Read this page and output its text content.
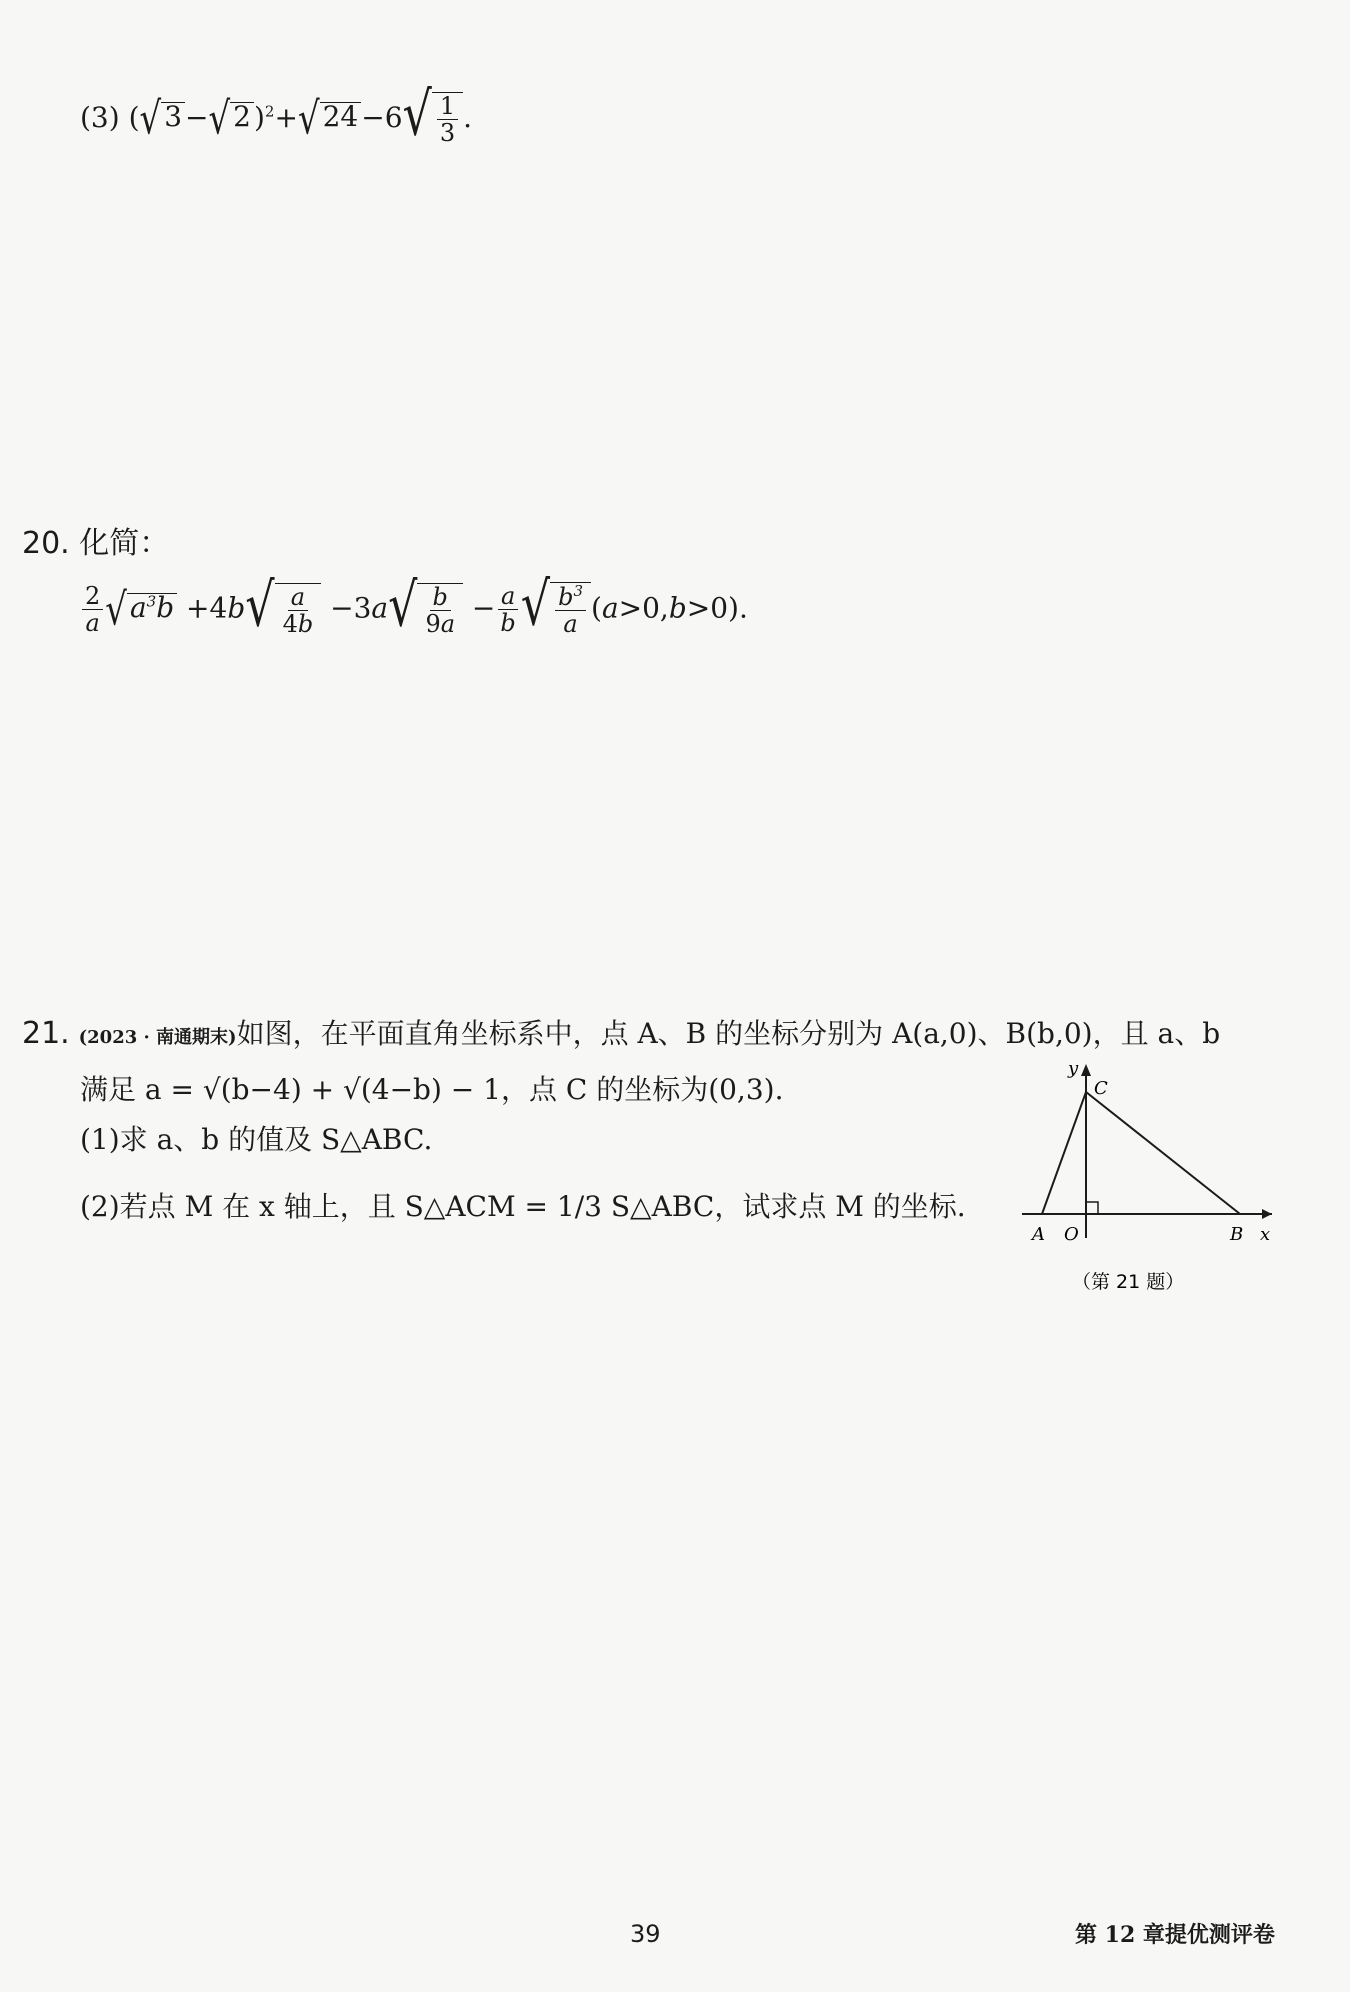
(3) ( √ 3 − √ 2 )$^2$+ √ 24 −6 √ $\frac{1}{3}$ .
20. 化简：
$\frac{2}{a}$ √ $a^3b +4b$ √ $\frac{a}{4b} -3a$ √ $\frac{b}{9a} - \frac{a}{b}$ √ $\frac{b^3}{a} (a>0,b>0)$.
21. (2023 · 南通期末)如图，在平面直角坐标系中，点 A、B 的坐标分别为 A(a,0)、B(b,0)，且 a、b
满足 a = √(b−4) + √(4−b) − 1，点 C 的坐标为(0,3).
(1)求 a、b 的值及 S△ABC.
(2)若点 M 在 x 轴上，且 S△ACM = 1/3 S△ABC，试求点 M 的坐标.
y
C
A O	B x
（第 21 题）
39	第 12 章提优测评卷
